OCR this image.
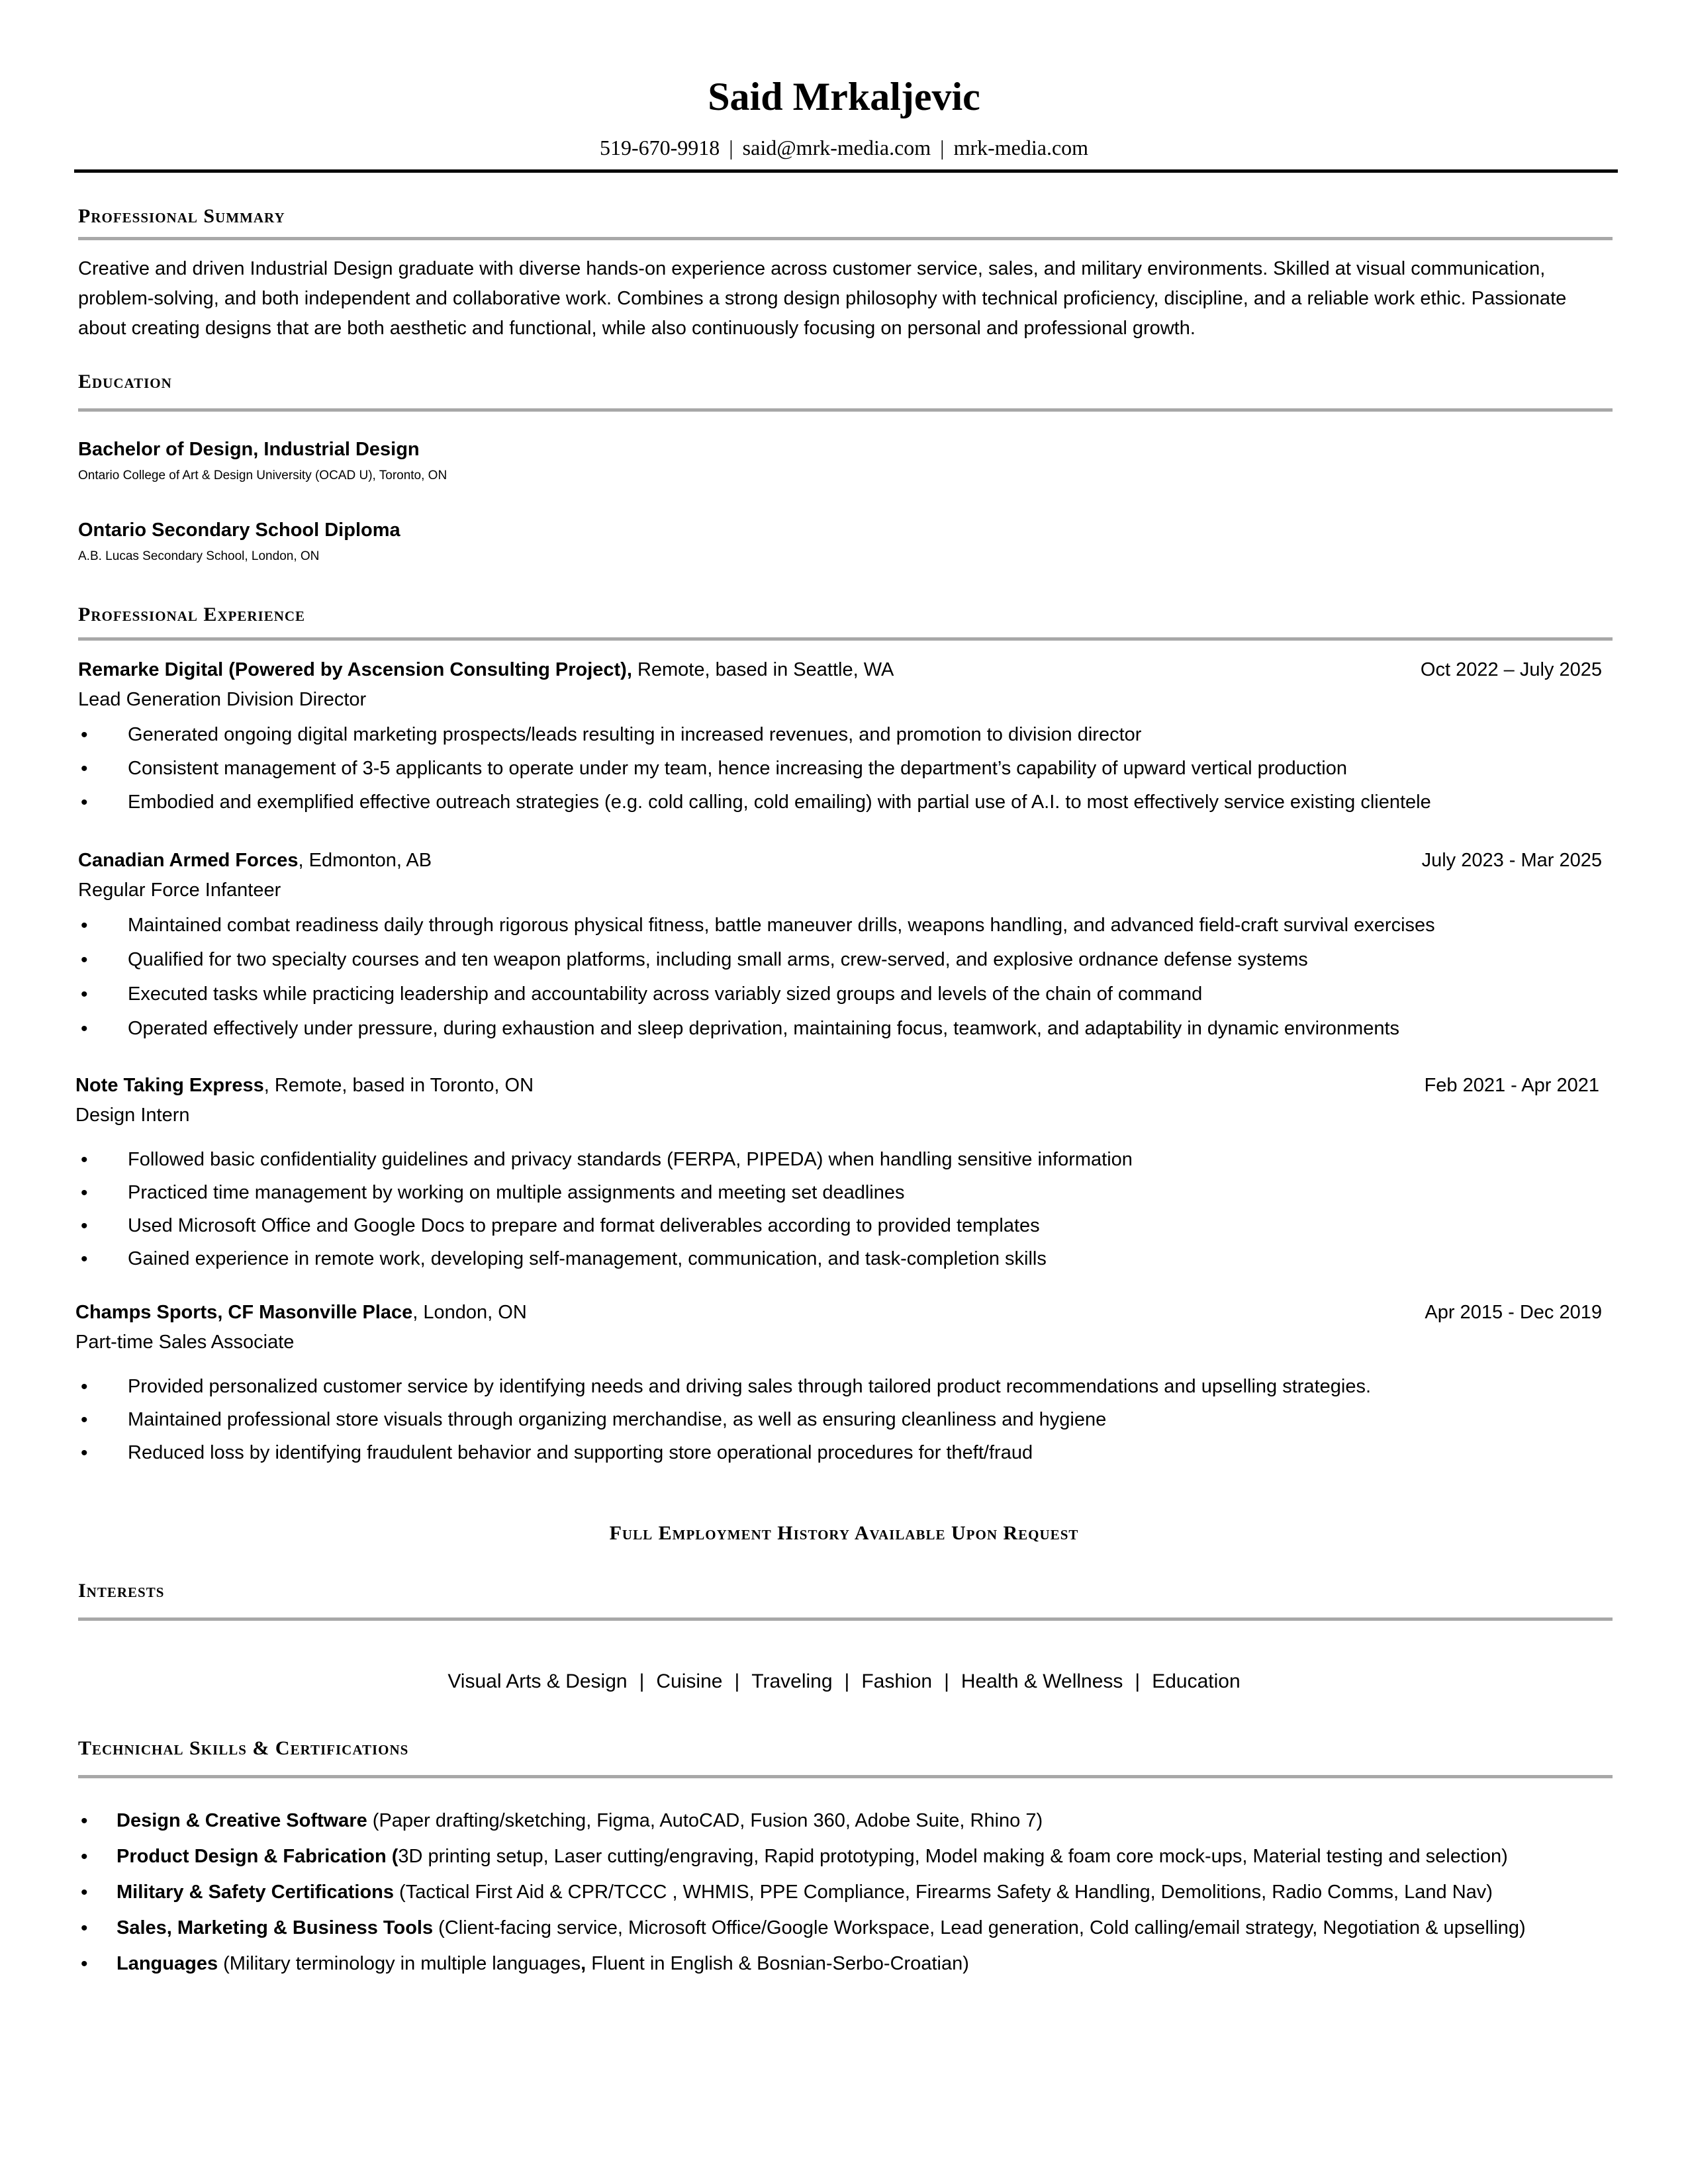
Said Mrkaljevic
519-670-9918 | said@mrk-media.com | mrk-media.com
Professional Summary
Creative and driven Industrial Design graduate with diverse hands-on experience across customer service, sales, and military environments. Skilled at visual communication, problem-solving, and both independent and collaborative work. Combines a strong design philosophy with technical proficiency, discipline, and a reliable work ethic. Passionate about creating designs that are both aesthetic and functional, while also continuously focusing on personal and professional growth.
Education
Bachelor of Design, Industrial Design
Ontario College of Art & Design University (OCAD U), Toronto, ON
Ontario Secondary School Diploma
A.B. Lucas Secondary School, London, ON
Professional Experience
Remarke Digital (Powered by Ascension Consulting Project), Remote, based in Seattle, WA	Oct 2022 – July 2025
Lead Generation Division Director
• Generated ongoing digital marketing prospects/leads resulting in increased revenues, and promotion to division director
• Consistent management of 3-5 applicants to operate under my team, hence increasing the department’s capability of upward vertical production
• Embodied and exemplified effective outreach strategies (e.g. cold calling, cold emailing) with partial use of A.I. to most effectively service existing clientele
Canadian Armed Forces, Edmonton, AB	July 2023 - Mar 2025
Regular Force Infanteer
• Maintained combat readiness daily through rigorous physical fitness, battle maneuver drills, weapons handling, and advanced field-craft survival exercises
• Qualified for two specialty courses and ten weapon platforms, including small arms, crew-served, and explosive ordnance defense systems
• Executed tasks while practicing leadership and accountability across variably sized groups and levels of the chain of command
• Operated effectively under pressure, during exhaustion and sleep deprivation, maintaining focus, teamwork, and adaptability in dynamic environments
Note Taking Express, Remote, based in Toronto, ON	Feb 2021 - Apr 2021
Design Intern
• Followed basic confidentiality guidelines and privacy standards (FERPA, PIPEDA) when handling sensitive information
• Practiced time management by working on multiple assignments and meeting set deadlines
• Used Microsoft Office and Google Docs to prepare and format deliverables according to provided templates
• Gained experience in remote work, developing self-management, communication, and task-completion skills
Champs Sports, CF Masonville Place, London, ON	Apr 2015 - Dec 2019
Part-time Sales Associate
• Provided personalized customer service by identifying needs and driving sales through tailored product recommendations and upselling strategies.
• Maintained professional store visuals through organizing merchandise, as well as ensuring cleanliness and hygiene
• Reduced loss by identifying fraudulent behavior and supporting store operational procedures for theft/fraud
Full Employment History Available Upon Request
Interests
Visual Arts & Design | Cuisine | Traveling | Fashion | Health & Wellness | Education
Technichal Skills & Certifications
• Design & Creative Software (Paper drafting/sketching, Figma, AutoCAD, Fusion 360, Adobe Suite, Rhino 7)
• Product Design & Fabrication (3D printing setup, Laser cutting/engraving, Rapid prototyping, Model making & foam core mock-ups, Material testing and selection)
• Military & Safety Certifications (Tactical First Aid & CPR/TCCC , WHMIS, PPE Compliance, Firearms Safety & Handling, Demolitions, Radio Comms, Land Nav)
• Sales, Marketing & Business Tools (Client-facing service, Microsoft Office/Google Workspace, Lead generation, Cold calling/email strategy, Negotiation & upselling)
• Languages (Military terminology in multiple languages, Fluent in English & Bosnian-Serbo-Croatian)
